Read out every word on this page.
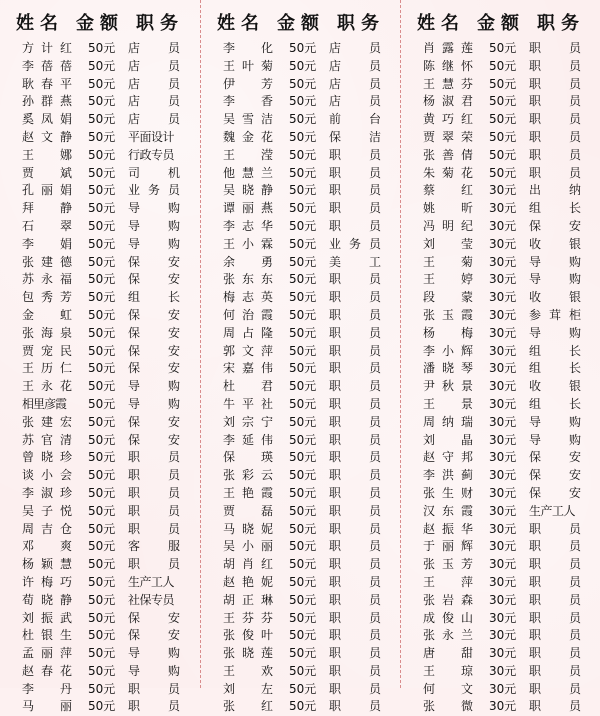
姓名 金额 职务
方计红 50元	店员
李蓓蓓 50元	店员
耿春平 50元	店员
孙群燕 50元	店员
奚凤娟 50元	店员
赵文静 50元	平面设计
王娜 50元	行政专员
贾斌 50元	司机
孔丽娟 50元	业务员
拜静 50元	导购
石翠 50元	导购
李娟 50元	导购
张建德 50元	保安
苏永福 50元	保安
包秀芳 50元	组长
金虹 50元	保安
张海泉 50元	保安
贾宠民 50元	保安
王历仁 50元	保安
王永花 50元	导购
相里彦霞	50元	导购
张建宏 50元	保安
苏官清 50元	保安
曾晓珍 50元	职员
谈小会 50元	职员
李淑珍 50元	职员
吴子悦 50元	职员
周吉仓 50元	职员
邓爽 50元	客服
杨颖慧 50元	职员
许梅巧 50元	生产工人
荀晓静 50元	社保专员
刘振武 50元	保安
杜银生 50元	保安
孟丽萍 50元	导购
赵春花 50元	导购
李丹 50元	职员
马丽 50元	职员
姓名 金额 职务
李化 50元	店员
王叶菊 50元	店员
伊芳 50元	店员
李香 50元	店员
吴雪洁 50元	前台
魏金花 50元	保洁
王滢 50元	职员
他慧兰 50元	职员
吴晓静 50元	职员
谭丽燕 50元	职员
李志华 50元	职员
王小霖 50元	业务员
余勇 50元	美工
张东东 50元	职员
梅志英 50元	职员
何治霞 50元	职员
周占隆 50元	职员
郭文萍 50元	职员
宋嘉伟 50元	职员
杜君 50元	职员
牛平社 50元	职员
刘宗宁 50元	职员
李延伟 50元	职员
保瑛 50元	职员
张彩云 50元	职员
王艳霞 50元	职员
贾磊 50元	职员
马晓妮 50元	职员
吴小丽 50元	职员
胡肖红 50元	职员
赵艳妮 50元	职员
胡正琳 50元	职员
王芬芬 50元	职员
张俊叶 50元	职员
张晓莲 50元	职员
王欢 50元	职员
刘左 50元	职员
张红 50元	职员
姓名 金额 职务
肖露莲 50元	职员
陈继怀 50元	职员
王慧芬 50元	职员
杨淑君 50元	职员
黄巧红 50元	职员
贾翠荣 50元	职员
张善倩 50元	职员
朱菊花 50元	职员
蔡红 30元	出纳
姚昕 30元	组长
冯明纪 30元	保安
刘莹 30元	收银
王菊 30元	导购
王婷 30元	导购
段蒙 30元	收银
张玉霞 30元	参茸柜
杨梅 30元	导购
李小辉 30元	组长
潘晓琴 30元	组长
尹秋景 30元	收银
王景 30元	组长
周纳瑞 30元	导购
刘晶 30元	导购
赵守邦 30元	保安
李洪蓟 30元	保安
张生财 30元	保安
汉东霞 30元	生产工人
赵振华 30元	职员
于丽辉 30元	职员
张玉芳 30元	职员
王萍 30元	职员
张岩森 30元	职员
成俊山 30元	职员
张永兰 30元	职员
唐甜 30元	职员
王琼 30元	职员
何文 30元	职员
张微 30元	职员
